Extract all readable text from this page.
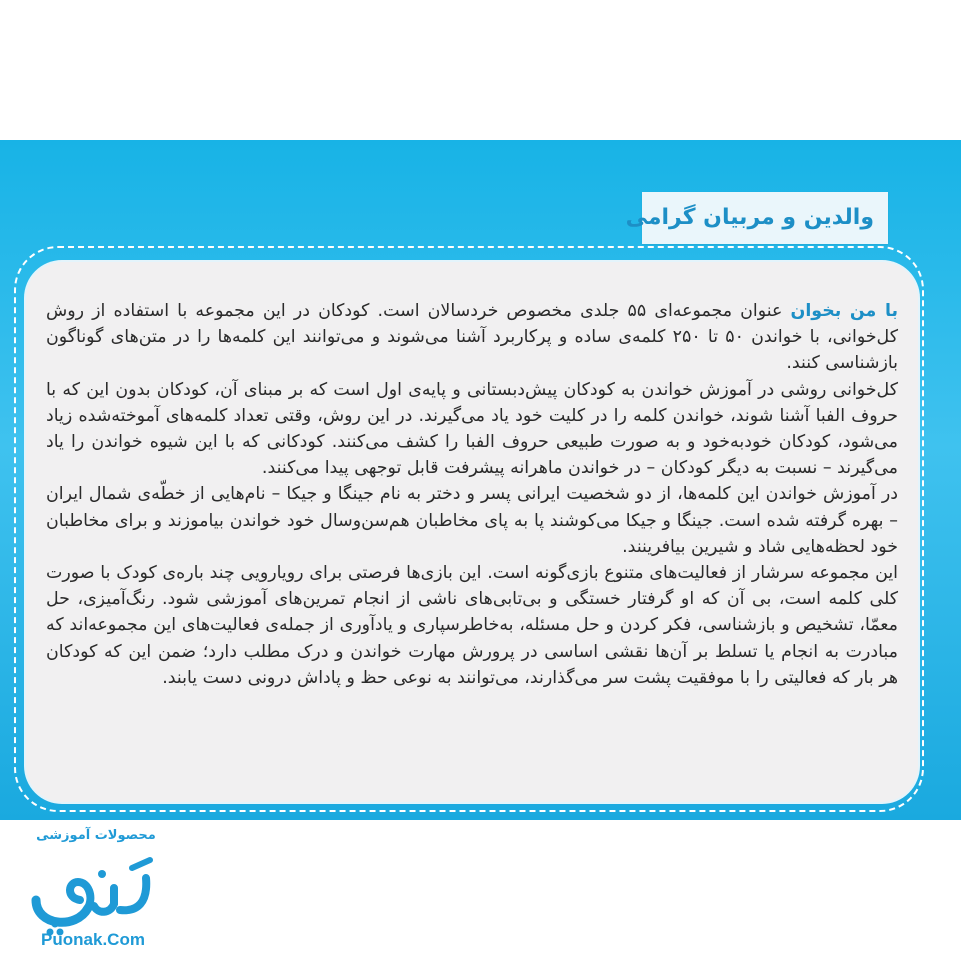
والدین و مربیان گرامی

با من بخوان عنوان مجموعه‌ای ۵۵ جلدی مخصوص خردسالان است. کودکان در این مجموعه با استفاده از روش کل‌خوانی، با خواندن ۵۰ تا ۲۵۰ کلمه‌ی ساده و پرکاربرد آشنا می‌شوند و می‌توانند این کلمه‌ها را در متن‌های گوناگون بازشناسی کنند.

کل‌خوانی روشی در آموزش خواندن به کودکان پیش‌دبستانی و پایه‌ی اول است که بر مبنای آن، کودکان بدون این که با حروف الفبا آشنا شوند، خواندن کلمه را در کلیت خود یاد می‌گیرند. در این روش، وقتی تعداد کلمه‌های آموخته‌شده زیاد می‌شود، کودکان خودبه‌خود و به صورت طبیعی حروف الفبا را کشف می‌کنند. کودکانی که با این شیوه خواندن را یاد می‌گیرند – نسبت به دیگر کودکان – در خواندن ماهرانه پیشرفت قابل توجهی پیدا می‌کنند.

در آموزش خواندن این کلمه‌ها، از دو شخصیت ایرانی پسر و دختر به نام جینگا و جیکا – نام‌هایی از خطّه‌ی شمال ایران – بهره گرفته شده است. جینگا و جیکا می‌کوشند پا به پای مخاطبان هم‌سن‌وسال خود خواندن بیاموزند و برای مخاطبان خود لحظه‌هایی شاد و شیرین بیافرینند.

این مجموعه سرشار از فعالیت‌های متنوع بازی‌گونه است. این بازی‌ها فرصتی برای رویارویی چند باره‌ی کودک با صورت کلی کلمه است، بی آن که او گرفتار خستگی و بی‌تابی‌های ناشی از انجام تمرین‌های آموزشی شود. رنگ‌آمیزی، حل معمّا، تشخیص و بازشناسی، فکر کردن و حل مسئله، به‌خاطرسپاری و یادآوری از جمله‌ی فعالیت‌های این مجموعه‌اند که مبادرت به انجام یا تسلط بر آن‌ها نقشی اساسی در پرورش مهارت خواندن و درک مطلب دارد؛ ضمن این که کودکان هر بار که فعالیتی را با موفقیت پشت سر می‌گذارند، می‌توانند به نوعی حظ و پاداش درونی دست یابند.

محصولات آموزشی
Puonak.Com
